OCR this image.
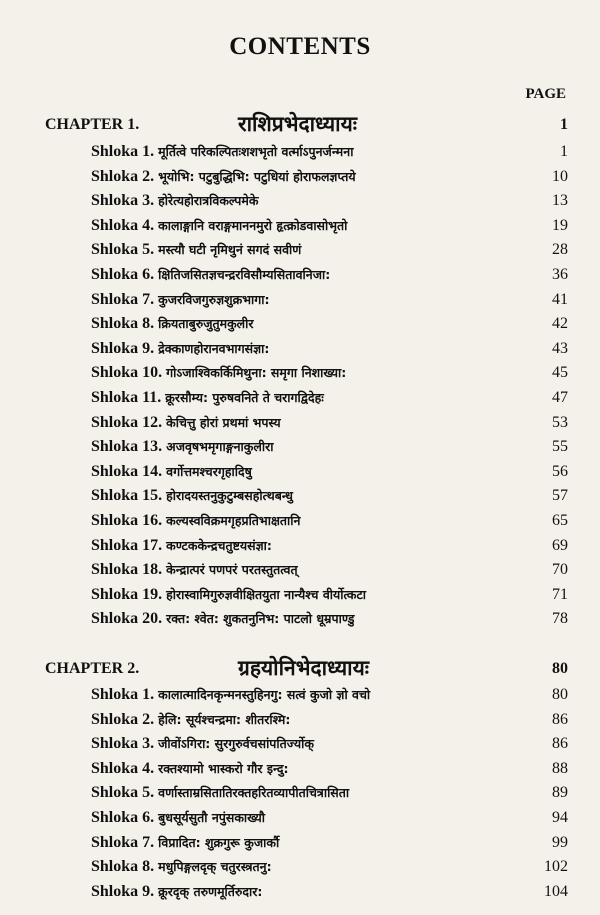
CONTENTS
PAGE
CHAPTER 1.	राशिप्रभेदाध्यायः	1
Shloka 1. मूर्तित्वे परिकल्पितःशशभृतो वर्त्माऽपुनर्जन्मना	1
Shloka 2. भूयोभि: पटुबुद्धिभि: पटुधियां होराफलज्ञप्तये	10
Shloka 3. होरेत्यहोरात्रविकल्पमेके	13
Shloka 4. कालाङ्गानि वराङ्गमाननमुरो हृत्क्रोडवासोभृतो	19
Shloka 5. मस्त्यौ घटी नृमिथुनं सगदं सवीणं	28
Shloka 6. क्षितिजसितज्ञचन्द्ररविसौम्यसितावनिजा:	36
Shloka 7. कुजरविजगुरुज्ञशुक्रभागा:	41
Shloka 8. क्रियताबुरुजुतुमकुलीर	42
Shloka 9. द्रेक्काणहोरानवभागसंज्ञा:	43
Shloka 10. गोऽजाश्विकर्किमिथुना: समृगा निशाख्या:	45
Shloka 11. क्रूरसौम्य: पुरुषवनिते ते चरागद्विदेहः	47
Shloka 12. केचित्तु होरां प्रथमां भपस्य	53
Shloka 13. अजवृषभमृगाङ्गनाकुलीरा	55
Shloka 14. वर्गोत्तमश्चरगृहादिषु	56
Shloka 15. होरादयस्तनुकुटुम्बसहोत्थबन्धु	57
Shloka 16. कल्यस्वविक्रमगृहप्रतिभाक्षतानि	65
Shloka 17. कण्टककेन्द्रचतुष्टयसंज्ञा:	69
Shloka 18. केन्द्रात्परं पणपरं परतस्तुतत्वत्	70
Shloka 19. होरास्वामिगुरुज्ञवीक्षितयुता नान्यैश्च वीर्योत्कटा	71
Shloka 20. रक्त: श्वेत: शुकतनुनिभ: पाटलो धूम्रपाण्डु	78
CHAPTER 2.	ग्रहयोनिभेदाध्यायः	80
Shloka 1. कालात्मादिनकृन्मनस्तुहिनगु: सत्वं कुजो ज्ञो वचो	80
Shloka 2. हेलि: सूर्यश्चन्द्रमा: शीतरश्मि:	86
Shloka 3. जीवोंऽगिरा: सुरगुरुर्वचसांपतिर्ज्योक्	86
Shloka 4. रक्तश्यामो भास्करो गौर इन्दु:	88
Shloka 5. वर्णास्ताम्रसितातिरक्तहरितव्यापीतचित्रासिता	89
Shloka 6. बुधसूर्यसुतौ नपुंसकाख्यौ	94
Shloka 7. विप्रादित: शुक्रगुरू कुजार्कौ	99
Shloka 8. मधुपिङ्गलदृक् चतुरस्त्रतनु:	102
Shloka 9. क्रूरदृक् तरुणमूर्तिरुदार:	104
